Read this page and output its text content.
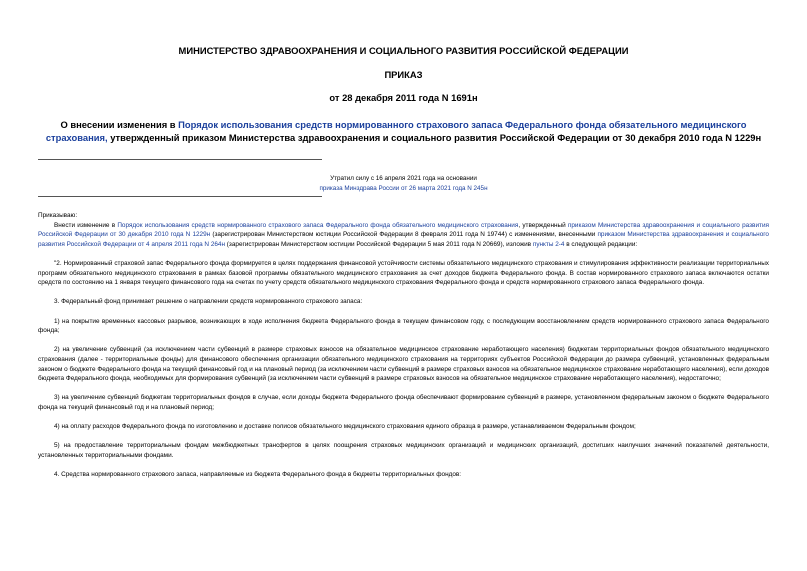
МИНИСТЕРСТВО ЗДРАВООХРАНЕНИЯ И СОЦИАЛЬНОГО РАЗВИТИЯ РОССИЙСКОЙ ФЕДЕРАЦИИ
ПРИКАЗ
от 28 декабря 2011 года N 1691н
О внесении изменения в Порядок использования средств нормированного страхового запаса Федерального фонда обязательного медицинского страхования, утвержденный приказом Министерства здравоохранения и социального развития Российской Федерации от 30 декабря 2010 года N 1229н
Утратил силу с 16 апреля 2021 года на основании
приказа Минздрава России от 26 марта 2021 года N 245н

Приказываю:

Внести изменение в Порядок использования средств нормированного страхового запаса Федерального фонда обязательного медицинского страхования, утвержденный приказом Министерства здравоохранения и социального развития Российской Федерации от 30 декабря 2010 года N 1229н (зарегистрирован Министерством юстиции Российской Федерации 8 февраля 2011 года N 19744) с изменениями, внесенными приказом Министерства здравоохранения и социального развития Российской Федерации от 4 апреля 2011 года N 264н (зарегистрирован Министерством юстиции Российской Федерации 5 мая 2011 года N 20669), изложив пункты 2-4 в следующей редакции:

"2. Нормированный страховой запас Федерального фонда формируется в целях поддержания финансовой устойчивости системы обязательного медицинского страхования и стимулирования эффективности реализации территориальных программ обязательного медицинского страхования в рамках базовой программы обязательного медицинского страхования за счет доходов бюджета Федерального фонда. В состав нормированного страхового запаса включаются остатки средств по состоянию на 1 января текущего финансового года на счетах по учету средств обязательного медицинского страхования Федерального фонда и средств нормированного страхового запаса Федерального фонда.

3. Федеральный фонд принимает решение о направлении средств нормированного страхового запаса:

1) на покрытие временных кассовых разрывов, возникающих в ходе исполнения бюджета Федерального фонда в текущем финансовом году, с последующим восстановлением средств нормированного страхового запаса Федерального фонда;

2) на увеличение субвенций (за исключением части субвенций в размере страховых взносов на обязательное медицинское страхование неработающего населения) бюджетам территориальных фондов обязательного медицинского страхования (далее - территориальные фонды) для финансового обеспечения организации обязательного медицинского страхования на территориях субъектов Российской Федерации до размера субвенций, установленных федеральным законом о бюджете Федерального фонда на текущий финансовый год и на плановый период (за исключением части субвенций в размере страховых взносов на обязательное медицинское страхование неработающего населения), если доходов бюджета Федерального фонда, необходимых для формирования субвенций (за исключением части субвенций в размере страховых взносов на обязательное медицинское страхование неработающего населения), недостаточно;

3) на увеличение субвенций бюджетам территориальных фондов в случае, если доходы бюджета Федерального фонда обеспечивают формирование субвенций в размере, установленном федеральным законом о бюджете Федерального фонда на текущий финансовый год и на плановый период;

4) на оплату расходов Федерального фонда по изготовлению и доставке полисов обязательного медицинского страхования единого образца в размере, устанавливаемом Федеральным фондом;

5) на предоставление территориальным фондам межбюджетных трансфертов в целях поощрения страховых медицинских организаций и медицинских организаций, достигших наилучших значений показателей деятельности, установленных территориальными фондами.

4. Средства нормированного страхового запаса, направляемые из бюджета Федерального фонда в бюджеты территориальных фондов:
